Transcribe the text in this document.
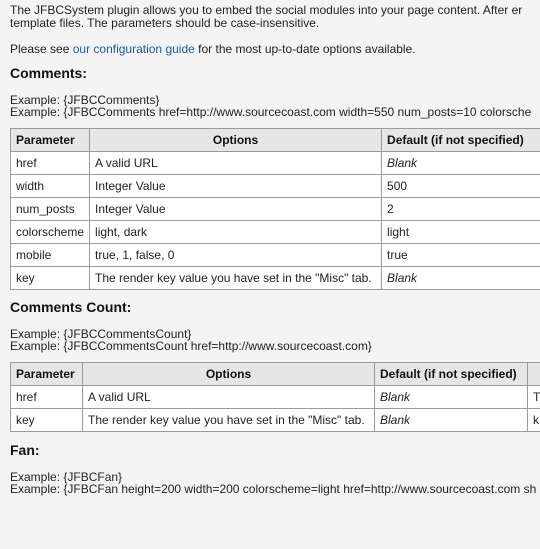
The JFBCSystem plugin allows you to embed the social modules into your page content. After er
template files. The parameters should be case-insensitive.

Please see our configuration guide for the most up-to-date options available.

Comments:
Example: {JFBCComments}
Example: {JFBCComments href=http://www.sourcecoast.com width=550 num_posts=10 colorsche
Parameter	Options	Default (if not specified)
href	A valid URL	Blank
width	Integer Value	500
num_posts	Integer Value	2
colorscheme	light, dark	light
mobile	true, 1, false, 0	true
key	The render key value you have set in the "Misc" tab.	Blank
Comments Count:
Example: {JFBCCommentsCount}
Example: {JFBCCommentsCount href=http://www.sourcecoast.com}
Parameter	Options	Default (if not specified)	
href	A valid URL	Blank	T
key	The render key value you have set in the "Misc" tab.	Blank	k
Fan:
Example: {JFBCFan}
Example: {JFBCFan height=200 width=200 colorscheme=light href=http://www.sourcecoast.com sh
